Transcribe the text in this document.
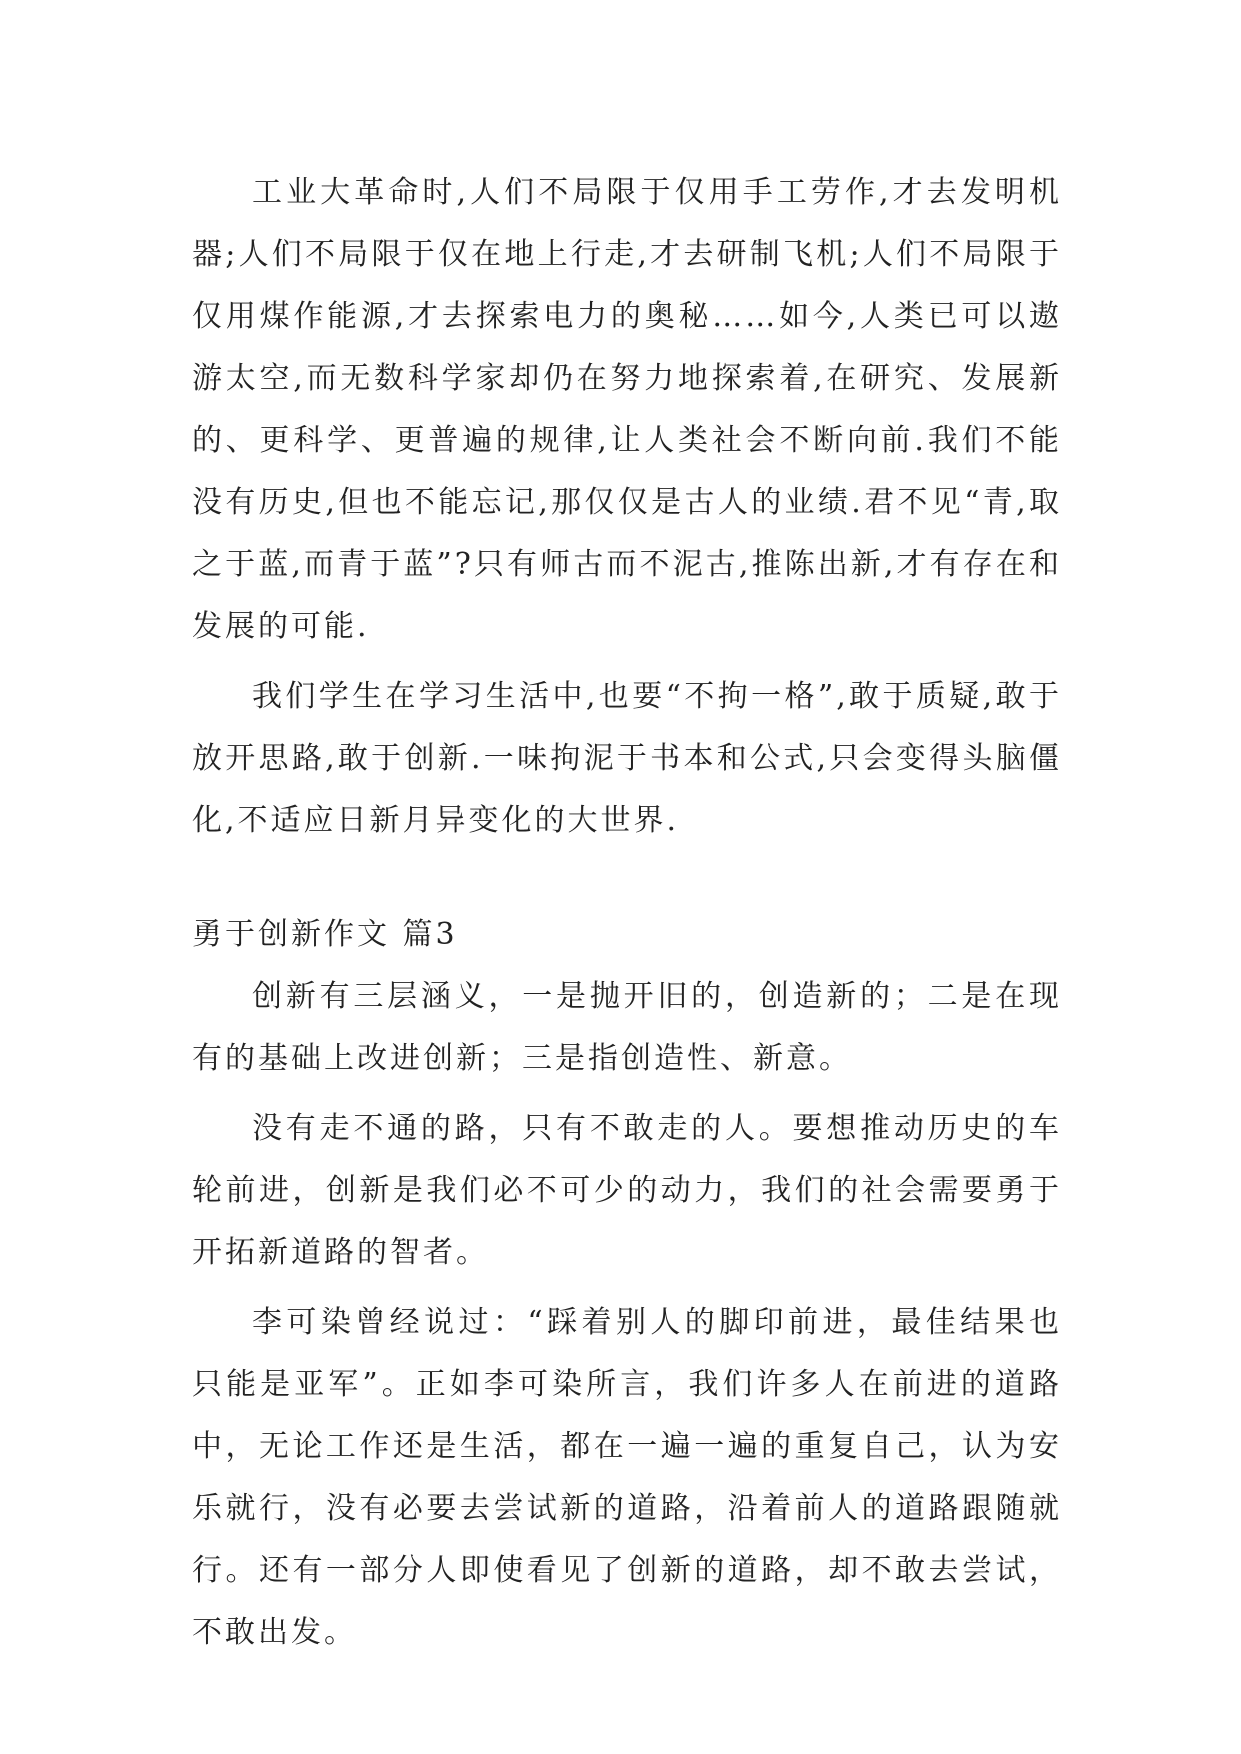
工业大革命时,人们不局限于仅用手工劳作,才去发明机器;人们不局限于仅在地上行走,才去研制飞机;人们不局限于仅用煤作能源,才去探索电力的奥秘……如今,人类已可以遨游太空,而无数科学家却仍在努力地探索着,在研究、发展新的、更科学、更普遍的规律,让人类社会不断向前.我们不能没有历史,但也不能忘记,那仅仅是古人的业绩.君不见“青,取之于蓝,而青于蓝”?只有师古而不泥古,推陈出新,才有存在和发展的可能.

我们学生在学习生活中,也要“不拘一格”,敢于质疑,敢于放开思路,敢于创新.一味拘泥于书本和公式,只会变得头脑僵化,不适应日新月异变化的大世界.

勇于创新作文 篇3

创新有三层涵义，一是抛开旧的，创造新的；二是在现有的基础上改进创新；三是指创造性、新意。

没有走不通的路，只有不敢走的人。要想推动历史的车轮前进，创新是我们必不可少的动力，我们的社会需要勇于开拓新道路的智者。

李可染曾经说过：“踩着别人的脚印前进，最佳结果也只能是亚军”。正如李可染所言，我们许多人在前进的道路中，无论工作还是生活，都在一遍一遍的重复自己，认为安乐就行，没有必要去尝试新的道路，沿着前人的道路跟随就行。还有一部分人即使看见了创新的道路，却不敢去尝试，不敢出发。
